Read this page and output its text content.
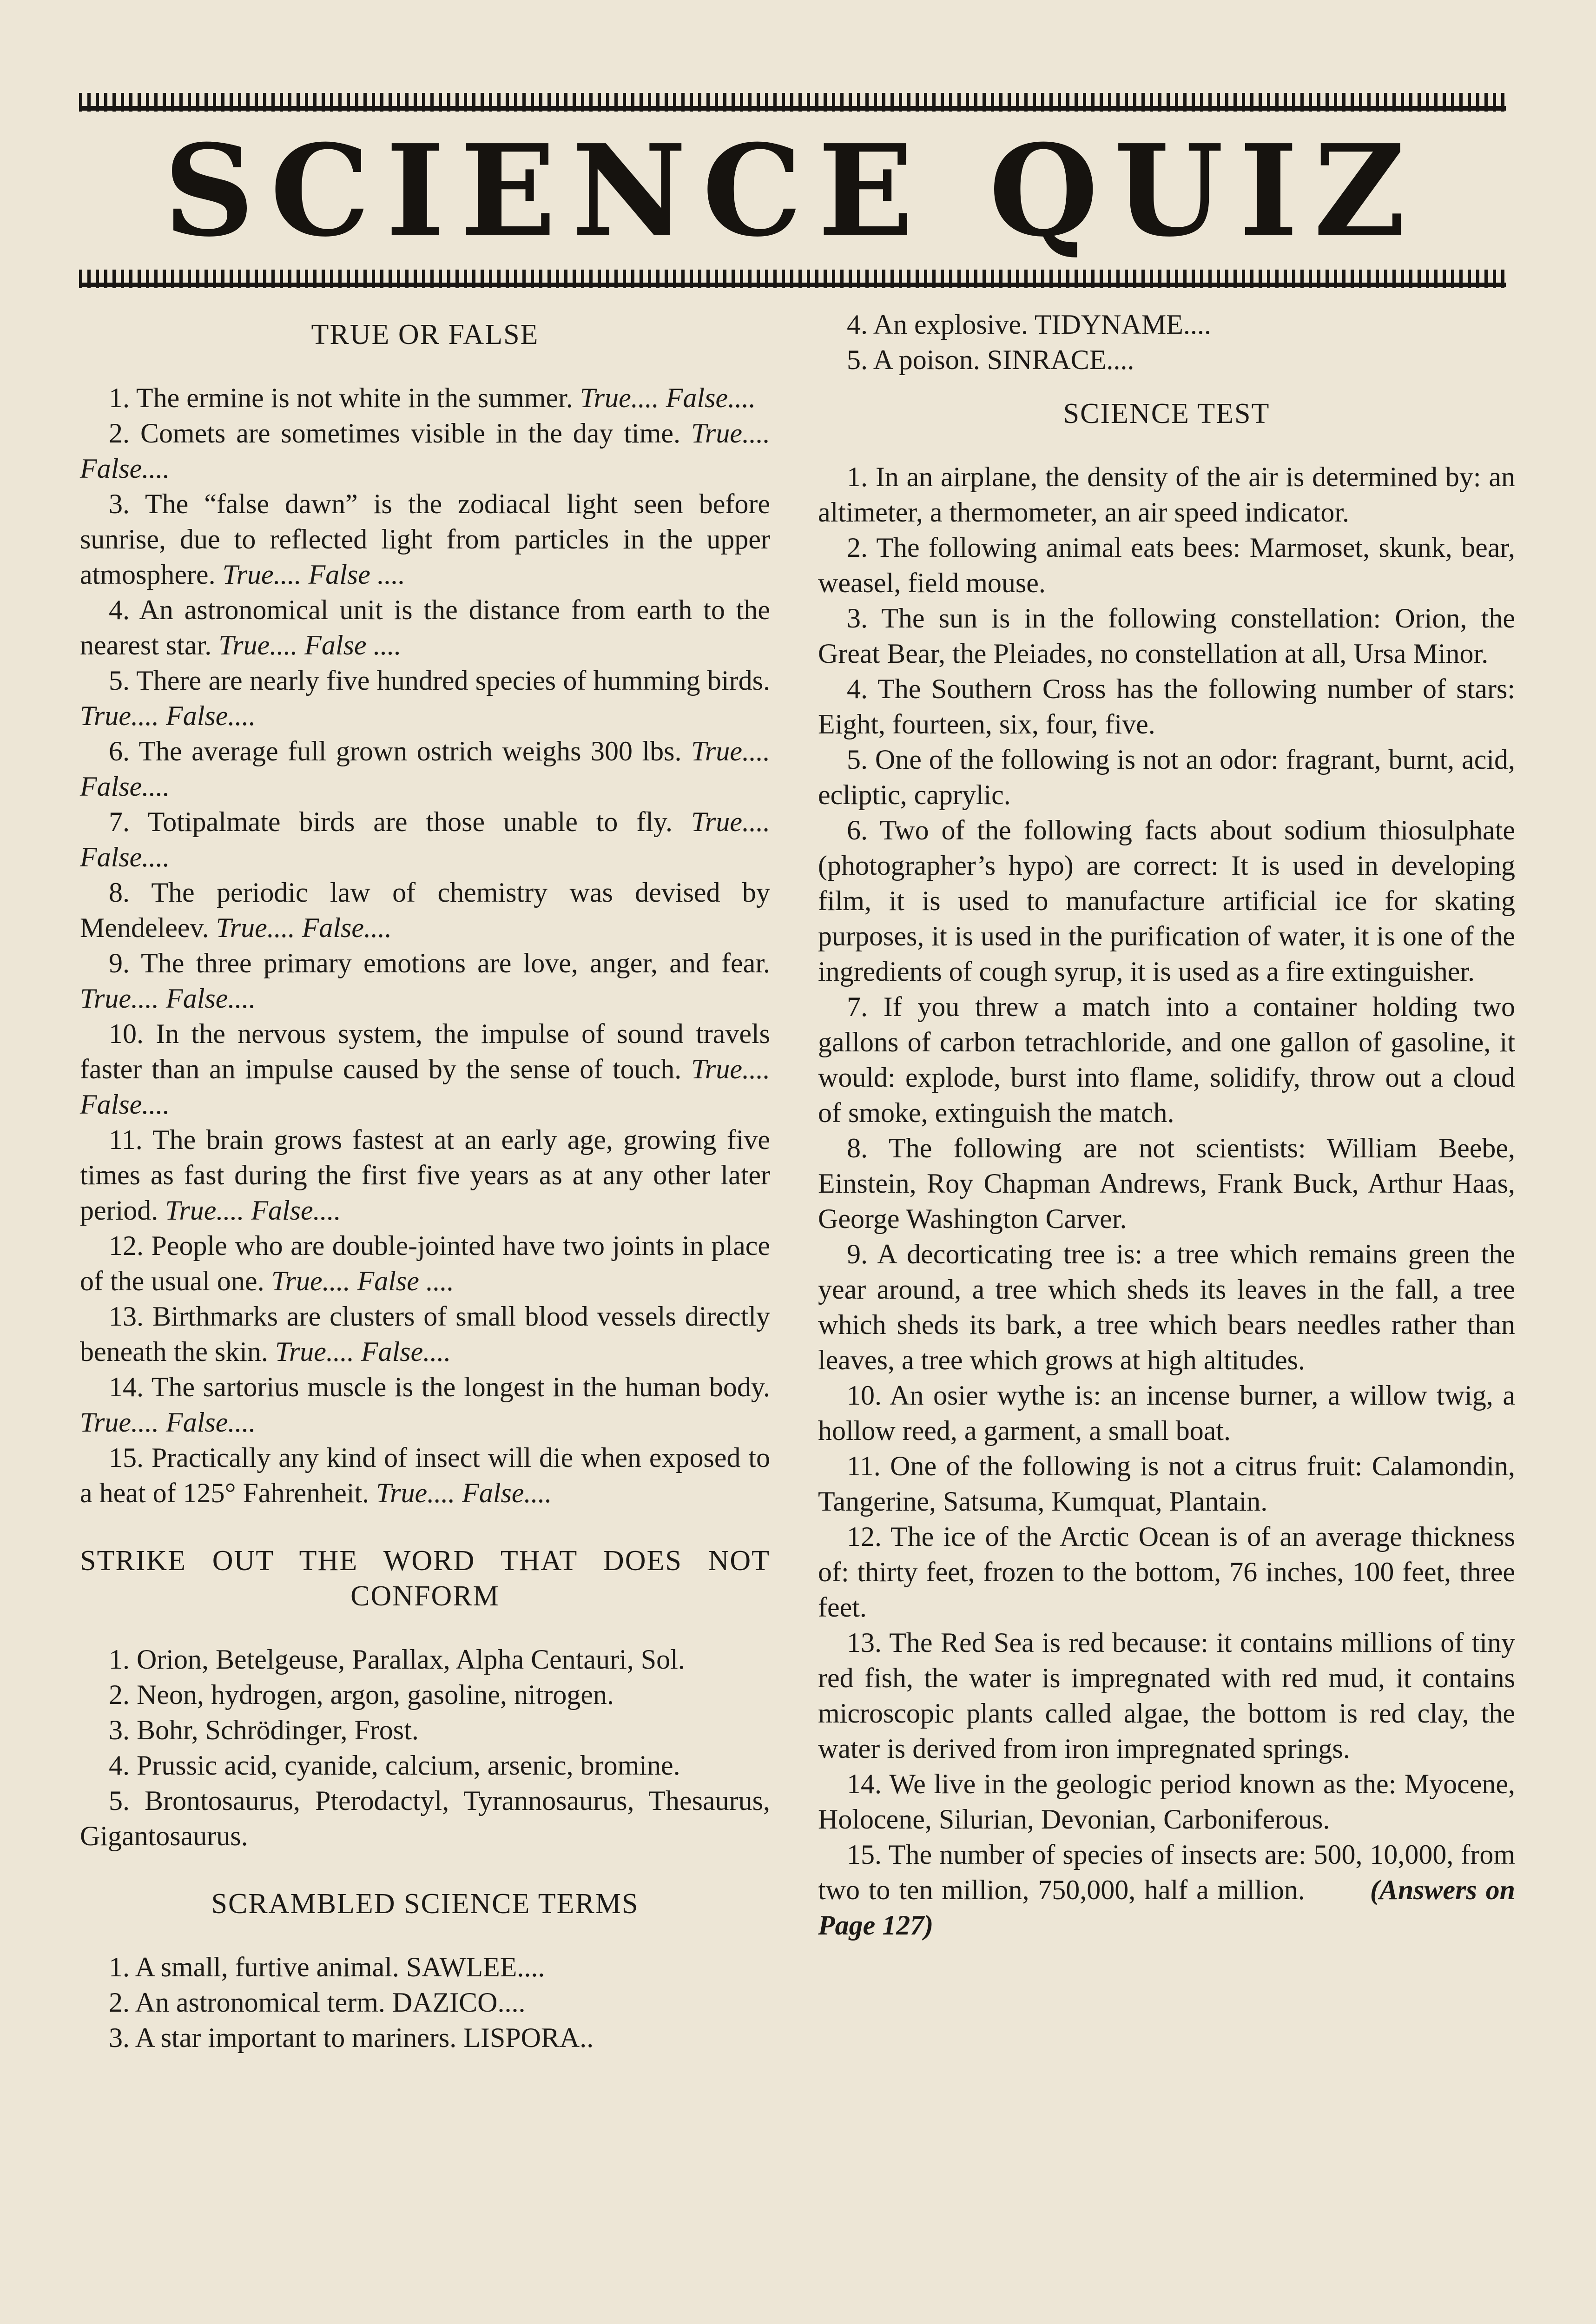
SCIENCE QUIZ
TRUE OR FALSE

1. The ermine is not white in the summer. True.... False....

2. Comets are sometimes visible in the day time. True.... False....

3. The “false dawn” is the zodiacal light seen before sunrise, due to reflected light from particles in the upper atmosphere. True.... False ....

4. An astronomical unit is the distance from earth to the nearest star. True.... False ....

5. There are nearly five hundred species of humming birds. True.... False....

6. The average full grown ostrich weighs 300 lbs. True.... False....

7. Totipalmate birds are those unable to fly. True.... False....

8. The periodic law of chemistry was devised by Mendeleev. True.... False....

9. The three primary emotions are love, anger, and fear. True.... False....

10. In the nervous system, the impulse of sound travels faster than an impulse caused by the sense of touch. True.... False....

11. The brain grows fastest at an early age, growing five times as fast during the first five years as at any other later period. True.... False....

12. People who are double-jointed have two joints in place of the usual one. True.... False ....

13. Birthmarks are clusters of small blood vessels directly beneath the skin. True.... False....

14. The sartorius muscle is the longest in the human body. True.... False....

15. Practically any kind of insect will die when exposed to a heat of 125° Fahrenheit. True.... False....

STRIKE OUT THE WORD THAT DOES NOT CONFORM

1. Orion, Betelgeuse, Parallax, Alpha Centauri, Sol.

2. Neon, hydrogen, argon, gasoline, nitrogen.

3. Bohr, Schrödinger, Frost.

4. Prussic acid, cyanide, calcium, arsenic, bromine.

5. Brontosaurus, Pterodactyl, Tyrannosaurus, Thesaurus, Gigantosaurus.

SCRAMBLED SCIENCE TERMS

1. A small, furtive animal. SAWLEE....

2. An astronomical term. DAZICO....

3. A star important to mariners. LISPORA..

4. An explosive. TIDYNAME....

5. A poison. SINRACE....

SCIENCE TEST

1. In an airplane, the density of the air is determined by: an altimeter, a thermometer, an air speed indicator.

2. The following animal eats bees: Marmoset, skunk, bear, weasel, field mouse.

3. The sun is in the following constellation: Orion, the Great Bear, the Pleiades, no constellation at all, Ursa Minor.

4. The Southern Cross has the following number of stars: Eight, fourteen, six, four, five.

5. One of the following is not an odor: fragrant, burnt, acid, ecliptic, caprylic.

6. Two of the following facts about sodium thiosulphate (photographer’s hypo) are correct: It is used in developing film, it is used to manufacture artificial ice for skating purposes, it is used in the purification of water, it is one of the ingredients of cough syrup, it is used as a fire extinguisher.

7. If you threw a match into a container holding two gallons of carbon tetrachloride, and one gallon of gasoline, it would: explode, burst into flame, solidify, throw out a cloud of smoke, extinguish the match.

8. The following are not scientists: William Beebe, Einstein, Roy Chapman Andrews, Frank Buck, Arthur Haas, George Washington Carver.

9. A decorticating tree is: a tree which remains green the year around, a tree which sheds its leaves in the fall, a tree which sheds its bark, a tree which bears needles rather than leaves, a tree which grows at high altitudes.

10. An osier wythe is: an incense burner, a willow twig, a hollow reed, a garment, a small boat.

11. One of the following is not a citrus fruit: Calamondin, Tangerine, Satsuma, Kumquat, Plantain.

12. The ice of the Arctic Ocean is of an average thickness of: thirty feet, frozen to the bottom, 76 inches, 100 feet, three feet.

13. The Red Sea is red because: it contains millions of tiny red fish, the water is impregnated with red mud, it contains microscopic plants called algae, the bottom is red clay, the water is derived from iron impregnated springs.

14. We live in the geologic period known as the: Myocene, Holocene, Silurian, Devonian, Carboniferous.

15. The number of species of insects are: 500, 10,000, from two to ten million, 750,000, half a million. (Answers on Page 127)
